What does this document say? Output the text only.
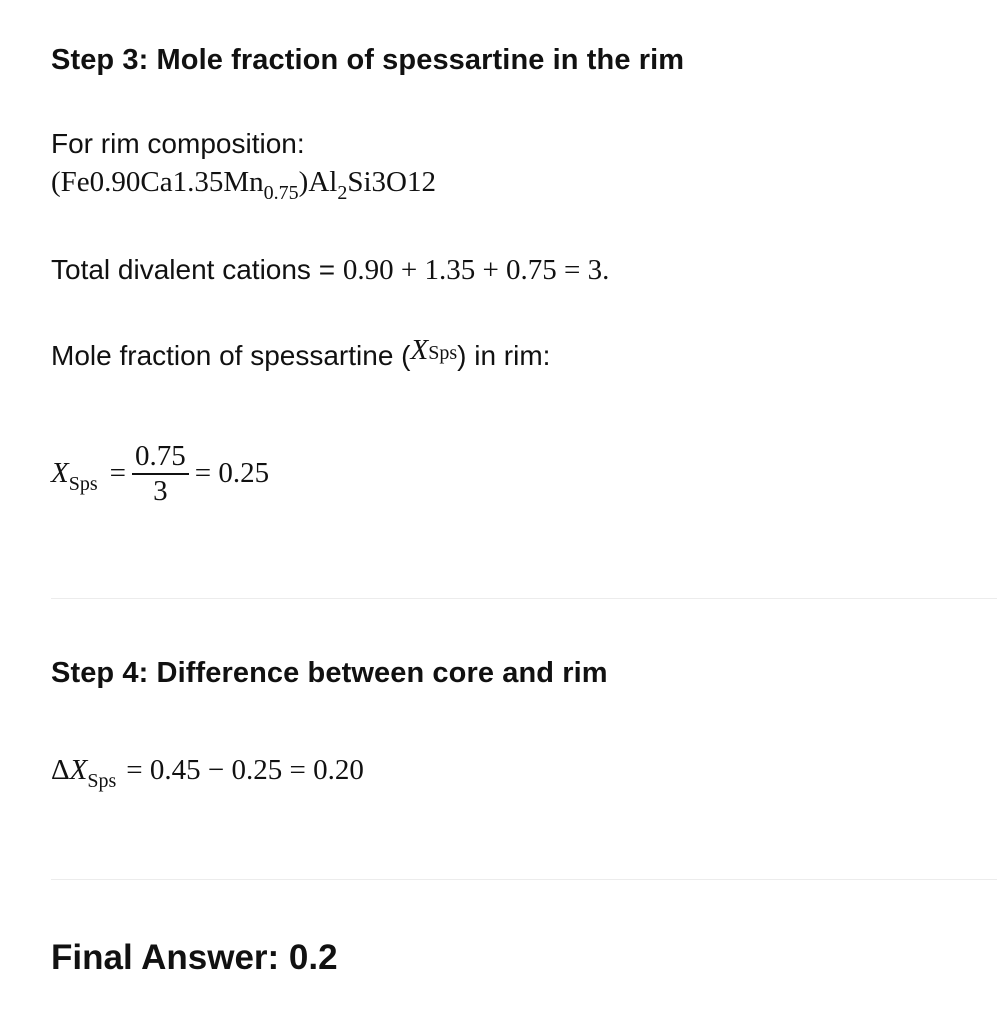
Step 3: Mole fraction of spessartine in the rim
For rim composition:
$(Fe0.90Ca1.35Mn_{0.75})Al_2Si3O12$
Total divalent cations = 0.90 + 1.35 + 0.75 = 3.
Mole fraction of spessartine (XSps) in rim:
$X_{Sps} = \frac{0.75}{3} = 0.25$
Step 4: Difference between core and rim
$\Delta X_{Sps} = 0.45 - 0.25 = 0.20$
Final Answer: 0.2
